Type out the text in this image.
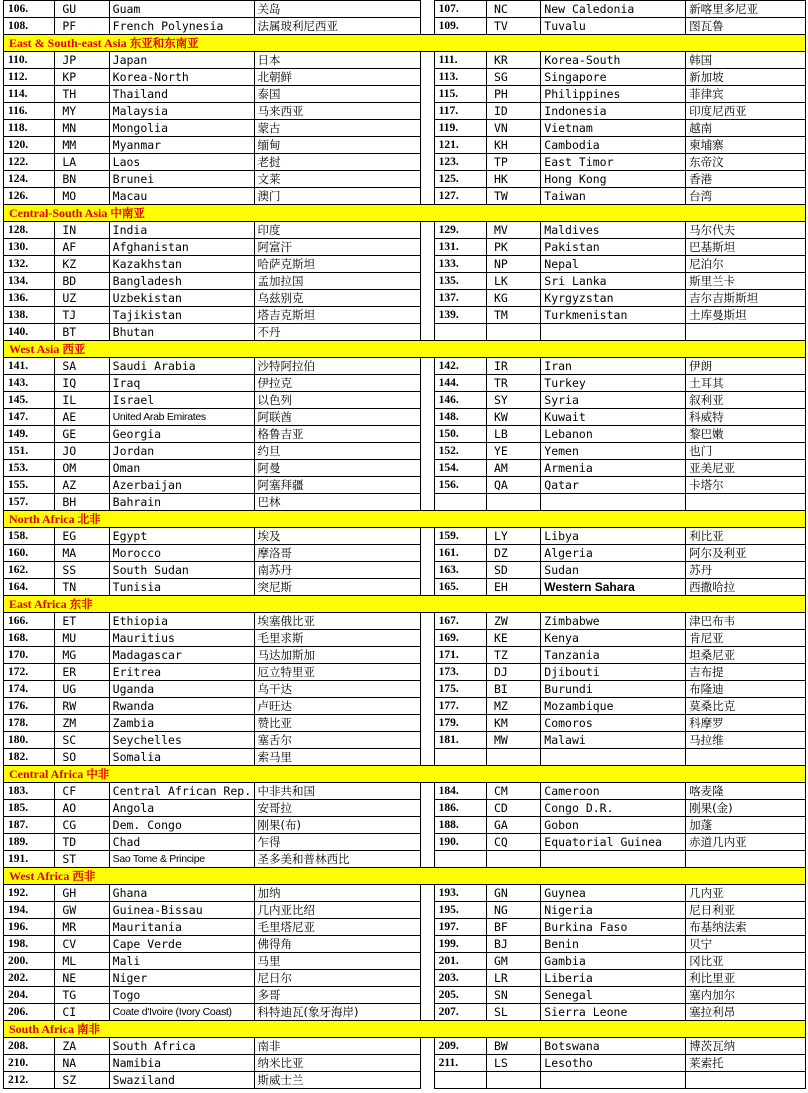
106.	GU	Guam	关岛		107.	NC	New Caledonia	新喀里多尼亚
108.	PF	French Polynesia	法属玻利尼西亚		109.	TV	Tuvalu	图瓦鲁
East & South-east Asia 东亚和东南亚								
110.	JP	Japan	日本		111.	KR	Korea-South	韩国
112.	KP	Korea-North	北朝鲜		113.	SG	Singapore	新加坡
114.	TH	Thailand	泰国		115.	PH	Philippines	菲律宾
116.	MY	Malaysia	马来西亚		117.	ID	Indonesia	印度尼西亚
118.	MN	Mongolia	蒙古		119.	VN	Vietnam	越南
120.	MM	Myanmar	缅甸		121.	KH	Cambodia	柬埔寨
122.	LA	Laos	老挝		123.	TP	East Timor	东帝汶
124.	BN	Brunei	文莱		125.	HK	Hong Kong	香港
126.	MO	Macau	澳门		127.	TW	Taiwan	台湾
Central-South Asia 中南亚								
128.	IN	India	印度		129.	MV	Maldives	马尔代夫
130.	AF	Afghanistan	阿富汗		131.	PK	Pakistan	巴基斯坦
132.	KZ	Kazakhstan	哈萨克斯坦		133.	NP	Nepal	尼泊尔
134.	BD	Bangladesh	孟加拉国		135.	LK	Sri Lanka	斯里兰卡
136.	UZ	Uzbekistan	乌兹别克		137.	KG	Kyrgyzstan	吉尔吉斯斯坦
138.	TJ	Tajikistan	塔吉克斯坦		139.	TM	Turkmenistan	土库曼斯坦
140.	BT	Bhutan	不丹					
West Asia 西亚								
141.	SA	Saudi Arabia	沙特阿拉伯		142.	IR	Iran	伊朗
143.	IQ	Iraq	伊拉克		144.	TR	Turkey	土耳其
145.	IL	Israel	以色列		146.	SY	Syria	叙利亚
147.	AE	United Arab Emirates	阿联酋		148.	KW	Kuwait	科威特
149.	GE	Georgia	格鲁吉亚		150.	LB	Lebanon	黎巴嫩
151.	JO	Jordan	约旦		152.	YE	Yemen	也门
153.	OM	Oman	阿曼		154.	AM	Armenia	亚美尼亚
155.	AZ	Azerbaijan	阿塞拜疆		156.	QA	Qatar	卡塔尔
157.	BH	Bahrain	巴林					
North Africa 北非								
158.	EG	Egypt	埃及		159.	LY	Libya	利比亚
160.	MA	Morocco	摩洛哥		161.	DZ	Algeria	阿尔及利亚
162.	SS	South Sudan	南苏丹		163.	SD	Sudan	苏丹
164.	TN	Tunisia	突尼斯		165.	EH	Western Sahara	西撒哈拉
East Africa 东非								
166.	ET	Ethiopia	埃塞俄比亚		167.	ZW	Zimbabwe	津巴布韦
168.	MU	Mauritius	毛里求斯		169.	KE	Kenya	肯尼亚
170.	MG	Madagascar	马达加斯加		171.	TZ	Tanzania	坦桑尼亚
172.	ER	Eritrea	厄立特里亚		173.	DJ	Djibouti	吉布提
174.	UG	Uganda	乌干达		175.	BI	Burundi	布隆迪
176.	RW	Rwanda	卢旺达		177.	MZ	Mozambique	莫桑比克
178.	ZM	Zambia	赞比亚		179.	KM	Comoros	科摩罗
180.	SC	Seychelles	塞舌尔		181.	MW	Malawi	马拉维
182.	SO	Somalia	索马里					
Central Africa 中非								
183.	CF	Central African Rep.	中非共和国		184.	CM	Cameroon	喀麦隆
185.	AO	Angola	安哥拉		186.	CD	Congo D.R.	刚果(金)
187.	CG	Dem. Congo	刚果(布)		188.	GA	Gobon	加蓬
189.	TD	Chad	乍得		190.	CQ	Equatorial Guinea	赤道几内亚
191.	ST	Sao Tome & Principe	圣多美和普林西比					
West Africa 西非								
192.	GH	Ghana	加纳		193.	GN	Guynea	几内亚
194.	GW	Guinea-Bissau	几内亚比绍		195.	NG	Nigeria	尼日利亚
196.	MR	Mauritania	毛里塔尼亚		197.	BF	Burkina Faso	布基纳法索
198.	CV	Cape Verde	佛得角		199.	BJ	Benin	贝宁
200.	ML	Mali	马里		201.	GM	Gambia	冈比亚
202.	NE	Niger	尼日尔		203.	LR	Liberia	利比里亚
204.	TG	Togo	多哥		205.	SN	Senegal	塞内加尔
206.	CI	Coate d'Ivoire (Ivory Coast)	科特迪瓦(象牙海岸)		207.	SL	Sierra Leone	塞拉利昂
South Africa 南非								
208.	ZA	South Africa	南非		209.	BW	Botswana	博茨瓦纳
210.	NA	Namibia	纳米比亚		211.	LS	Lesotho	莱索托
212.	SZ	Swaziland	斯威士兰					
